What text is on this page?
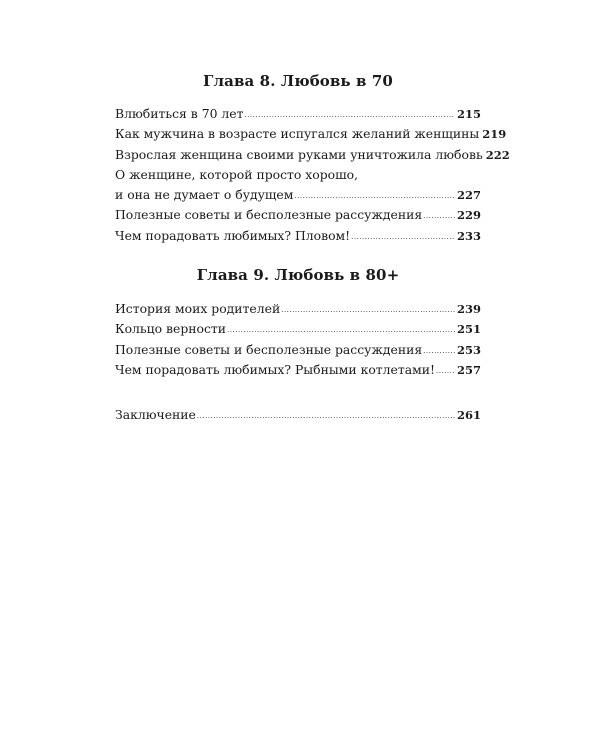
Глава 8. Любовь в 70
Влюбиться в 70 лет .....	215
Как мужчина в возрасте испугался желаний женщины 219
Взрослая женщина своими руками уничтожила любовь 222
О женщине, которой просто хорошо,
и она не думает о будущем .....	227
Полезные советы и бесполезные рассуждения .....	229
Чем порадовать любимых? Пловом! .....	233
Глава 9. Любовь в 80+
История моих родителей .....	239
Кольцо верности .....	251
Полезные советы и бесполезные рассуждения .....	253
Чем порадовать любимых? Рыбными котлетами! ..... 257
Заключение .....	261
